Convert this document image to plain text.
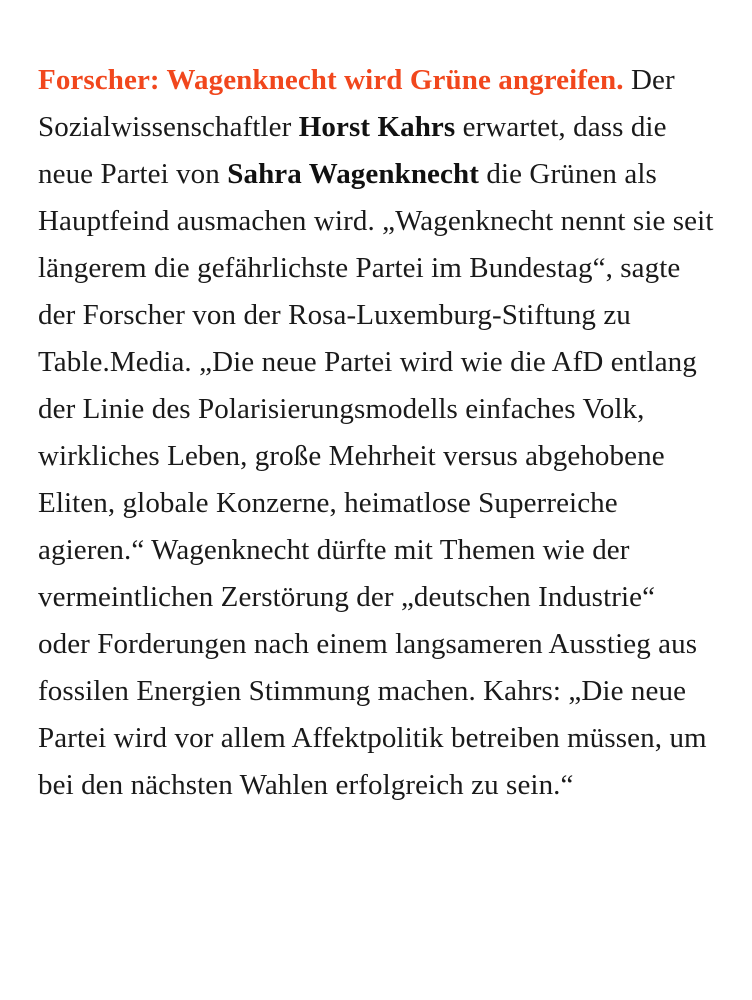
Forscher: Wagenknecht wird Grüne angreifen. Der Sozialwissenschaftler Horst Kahrs erwartet, dass die neue Partei von Sahra Wagenknecht die Grünen als Hauptfeind ausmachen wird. „Wagenknecht nennt sie seit längerem die gefährlichste Partei im Bundestag“, sagte der Forscher von der Rosa-Luxemburg-Stiftung zu Table.Media. „Die neue Partei wird wie die AfD entlang der Linie des Polarisierungsmodells einfaches Volk, wirkliches Leben, große Mehrheit versus abgehobene Eliten, globale Konzerne, heimatlose Superreiche agieren.“ Wagenknecht dürfte mit Themen wie der vermeintlichen Zerstörung der „deutschen Industrie“ oder Forderungen nach einem langsameren Ausstieg aus fossilen Energien Stimmung machen. Kahrs: „Die neue Partei wird vor allem Affektpolitik betreiben müssen, um bei den nächsten Wahlen erfolgreich zu sein.“
